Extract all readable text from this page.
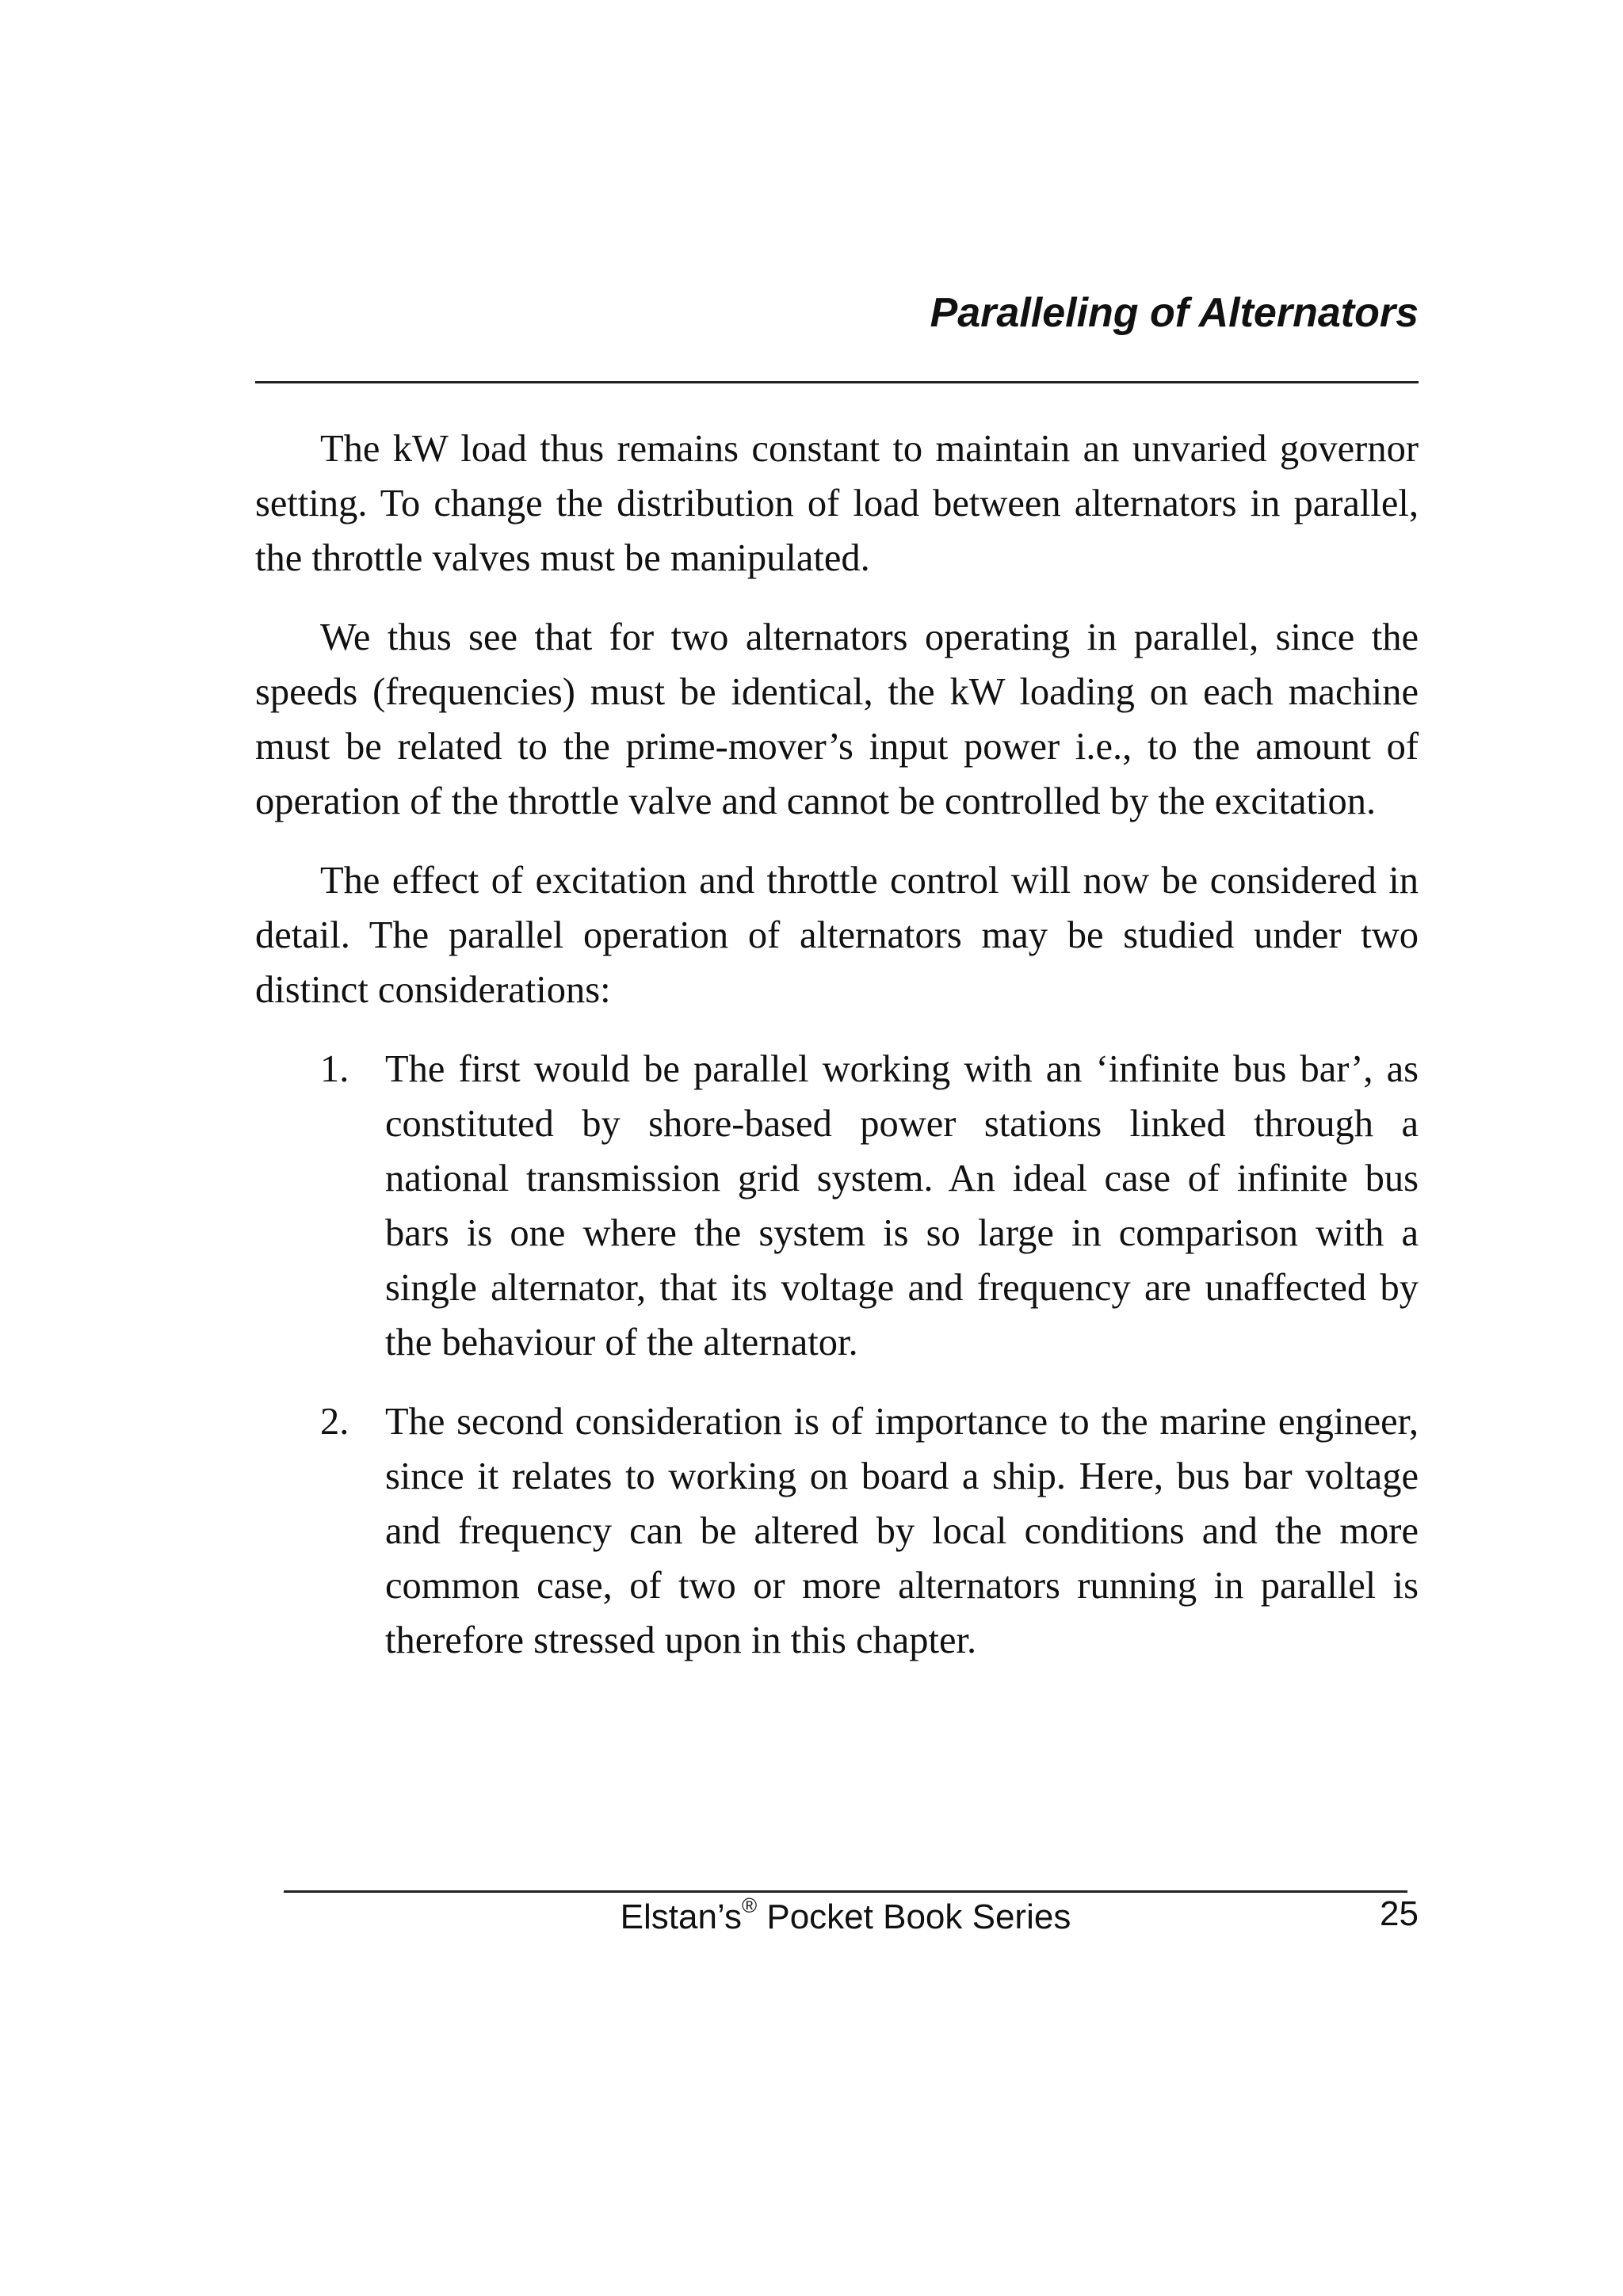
Paralleling of Alternators

The kW load thus remains constant to maintain an unvaried governor setting. To change the distribution of load between alternators in parallel, the throttle valves must be manipulated.

We thus see that for two alternators operating in parallel, since the speeds (frequencies) must be identical, the kW loading on each machine must be related to the prime-mover’s input power i.e., to the amount of operation of the throttle valve and cannot be controlled by the excitation.

The effect of excitation and throttle control will now be considered in detail. The parallel operation of alternators may be studied under two distinct considerations:

1. The first would be parallel working with an ‘infinite bus bar’, as constituted by shore-based power stations linked through a national transmission grid system. An ideal case of infinite bus bars is one where the system is so large in comparison with a single alternator, that its voltage and frequency are unaffected by the behaviour of the alternator.
2. The second consideration is of importance to the marine engineer, since it relates to working on board a ship. Here, bus bar voltage and frequency can be altered by local conditions and the more common case, of two or more alternators running in parallel is therefore stressed upon in this chapter.
Elstan’s® Pocket Book Series	25
